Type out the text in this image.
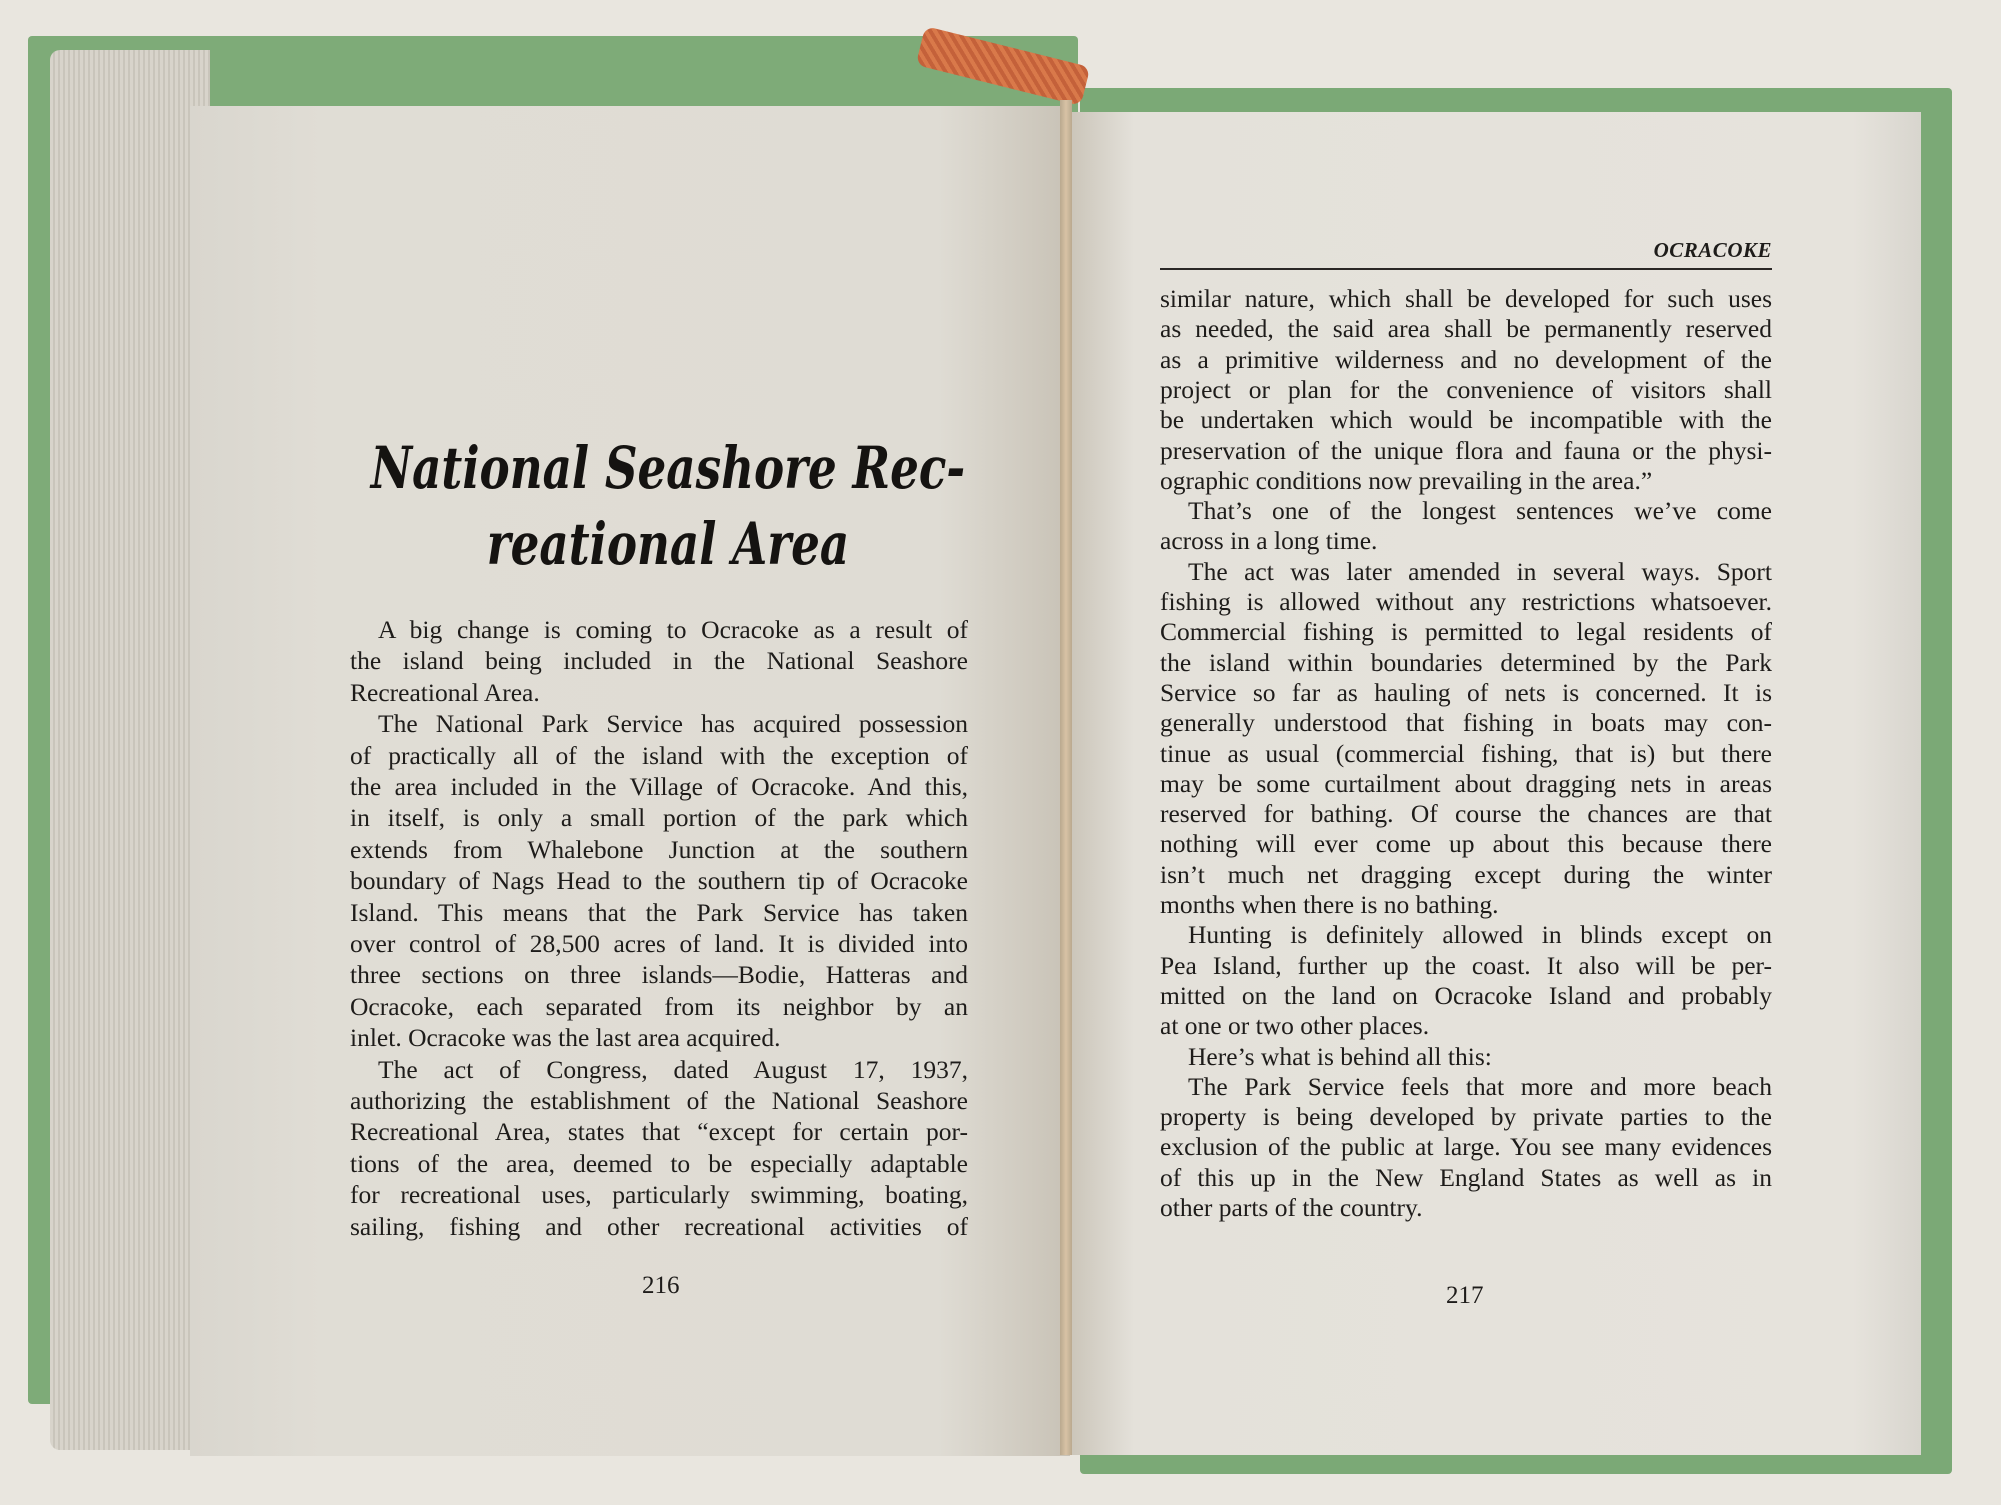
National Seashore Rec-
reational Area
A big change is coming to Ocracoke as a result of
the island being included in the National Seashore
Recreational Area.
The National Park Service has acquired possession
of practically all of the island with the exception of
the area included in the Village of Ocracoke. And this,
in itself, is only a small portion of the park which
extends from Whalebone Junction at the southern
boundary of Nags Head to the southern tip of Ocracoke
Island. This means that the Park Service has taken
over control of 28,500 acres of land. It is divided into
three sections on three islands—Bodie, Hatteras and
Ocracoke, each separated from its neighbor by an
inlet. Ocracoke was the last area acquired.
The act of Congress, dated August 17, 1937,
authorizing the establishment of the National Seashore
Recreational Area, states that “except for certain por-
tions of the area, deemed to be especially adaptable
for recreational uses, particularly swimming, boating,
sailing, fishing and other recreational activities of
216
OCRACOKE
similar nature, which shall be developed for such uses
as needed, the said area shall be permanently reserved
as a primitive wilderness and no development of the
project or plan for the convenience of visitors shall
be undertaken which would be incompatible with the
preservation of the unique flora and fauna or the physi-
ographic conditions now prevailing in the area.”
That’s one of the longest sentences we’ve come
across in a long time.
The act was later amended in several ways. Sport
fishing is allowed without any restrictions whatsoever.
Commercial fishing is permitted to legal residents of
the island within boundaries determined by the Park
Service so far as hauling of nets is concerned. It is
generally understood that fishing in boats may con-
tinue as usual (commercial fishing, that is) but there
may be some curtailment about dragging nets in areas
reserved for bathing. Of course the chances are that
nothing will ever come up about this because there
isn’t much net dragging except during the winter
months when there is no bathing.
Hunting is definitely allowed in blinds except on
Pea Island, further up the coast. It also will be per-
mitted on the land on Ocracoke Island and probably
at one or two other places.
Here’s what is behind all this:
The Park Service feels that more and more beach
property is being developed by private parties to the
exclusion of the public at large. You see many evidences
of this up in the New England States as well as in
other parts of the country.
217
